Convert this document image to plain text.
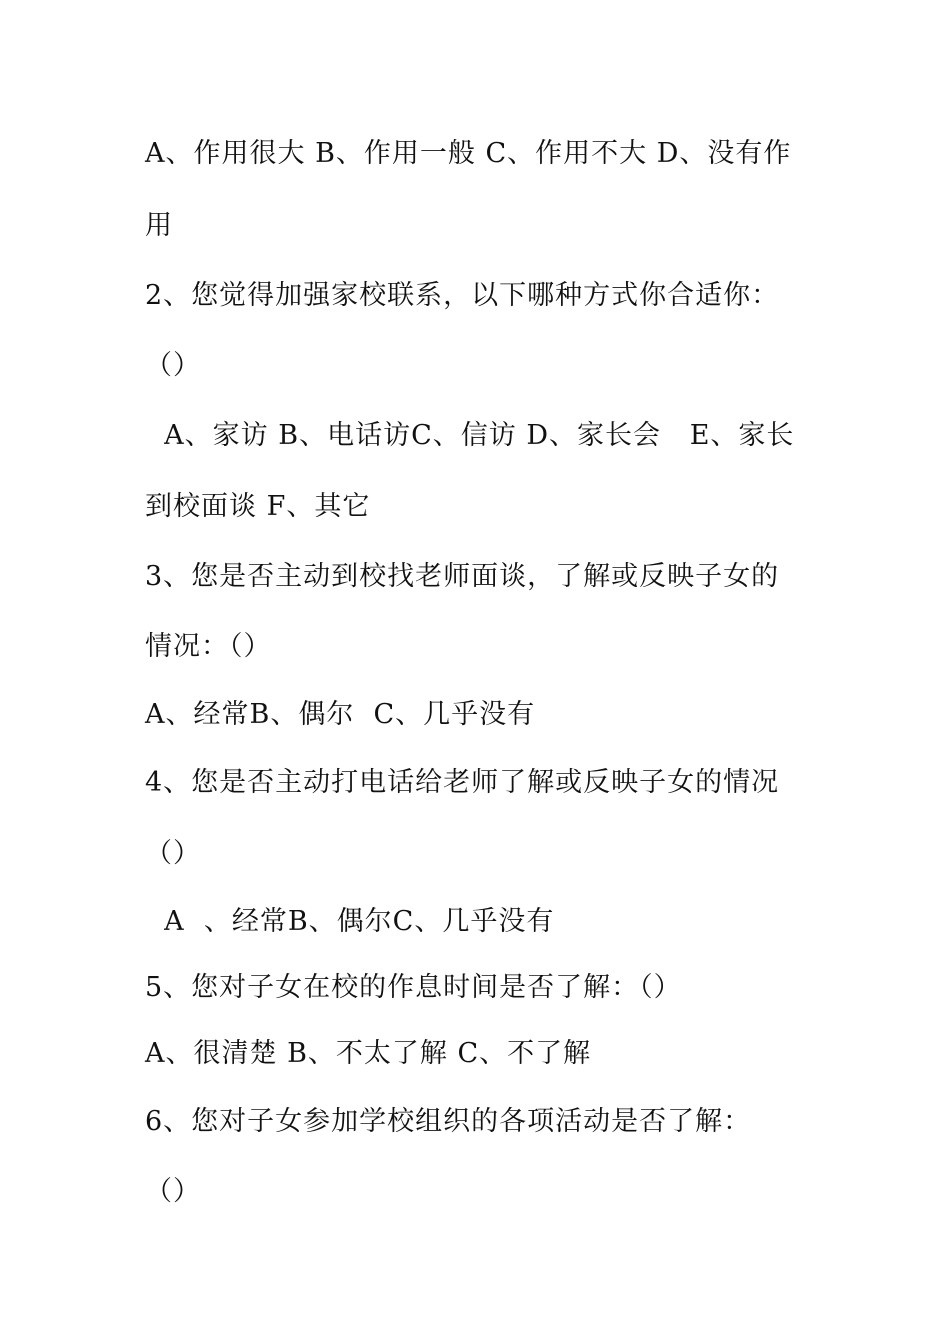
A、作用很大 B、作用一般 C、作用不大 D、没有作
用
2、您觉得加强家校联系，以下哪种方式你合适你：
（）
A、家访 B、电话访C、信访 D、家长会   E、家长
到校面谈 F、其它
3、您是否主动到校找老师面谈，了解或反映子女的
情况：（）
A、经常B、偶尔  C、几乎没有
4、您是否主动打电话给老师了解或反映子女的情况
（）
A  、经常B、偶尔C、几乎没有
5、您对子女在校的作息时间是否了解：（）
A、很清楚 B、不太了解 C、不了解
6、您对子女参加学校组织的各项活动是否了解：
（）
